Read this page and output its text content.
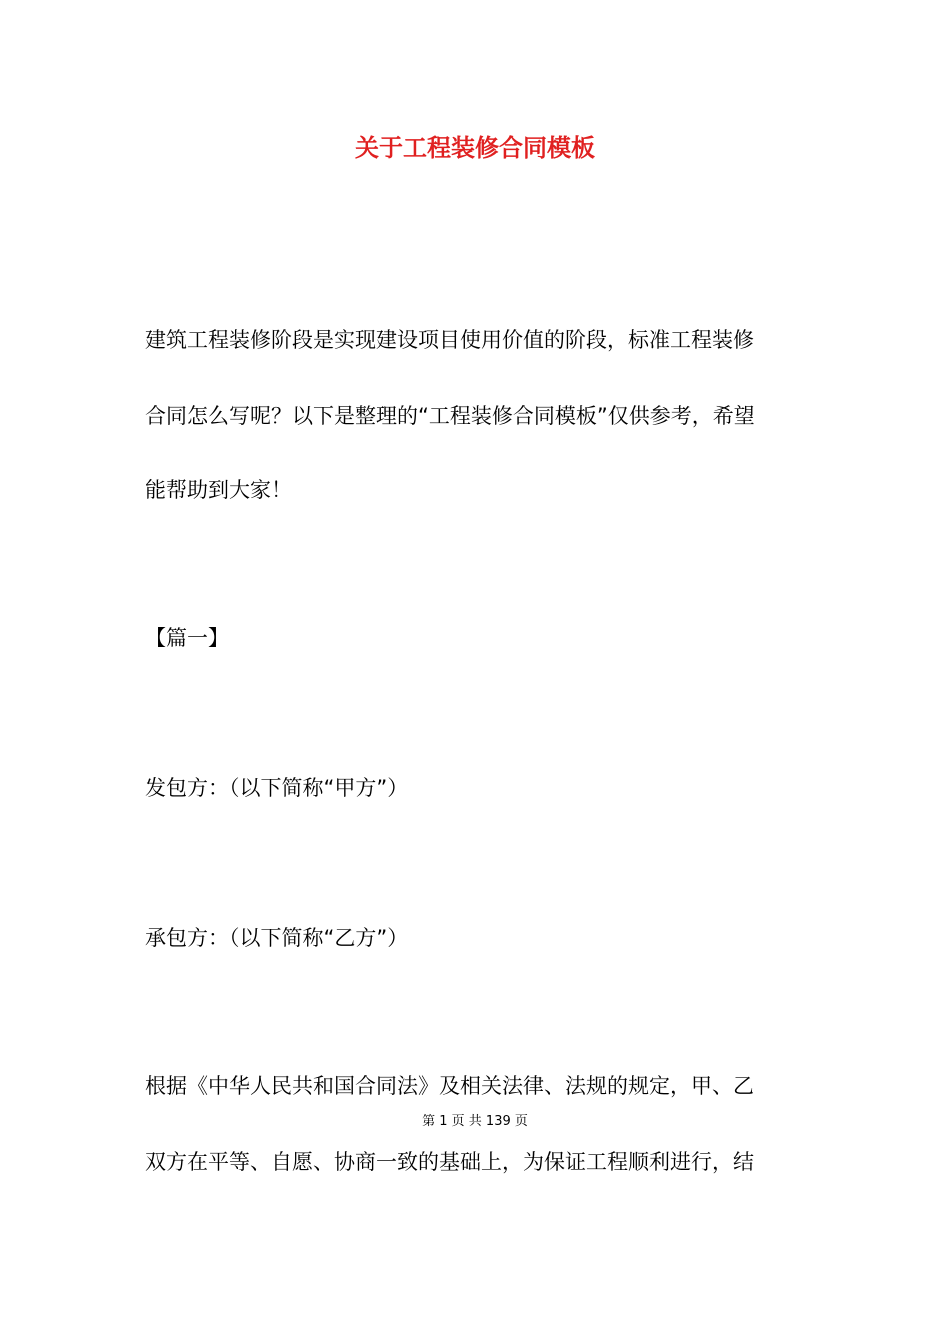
关于工程装修合同模板
建筑工程装修阶段是实现建设项目使用价值的阶段，标准工程装修
合同怎么写呢？以下是整理的“工程装修合同模板”仅供参考，希望
能帮助到大家！
【篇一】
发包方：（以下简称“甲方”）
承包方：（以下简称“乙方”）
根据《中华人民共和国合同法》及相关法律、法规的规定，甲、乙
双方在平等、自愿、协商一致的基础上，为保证工程顺利进行，结
第 1 页 共 139 页
